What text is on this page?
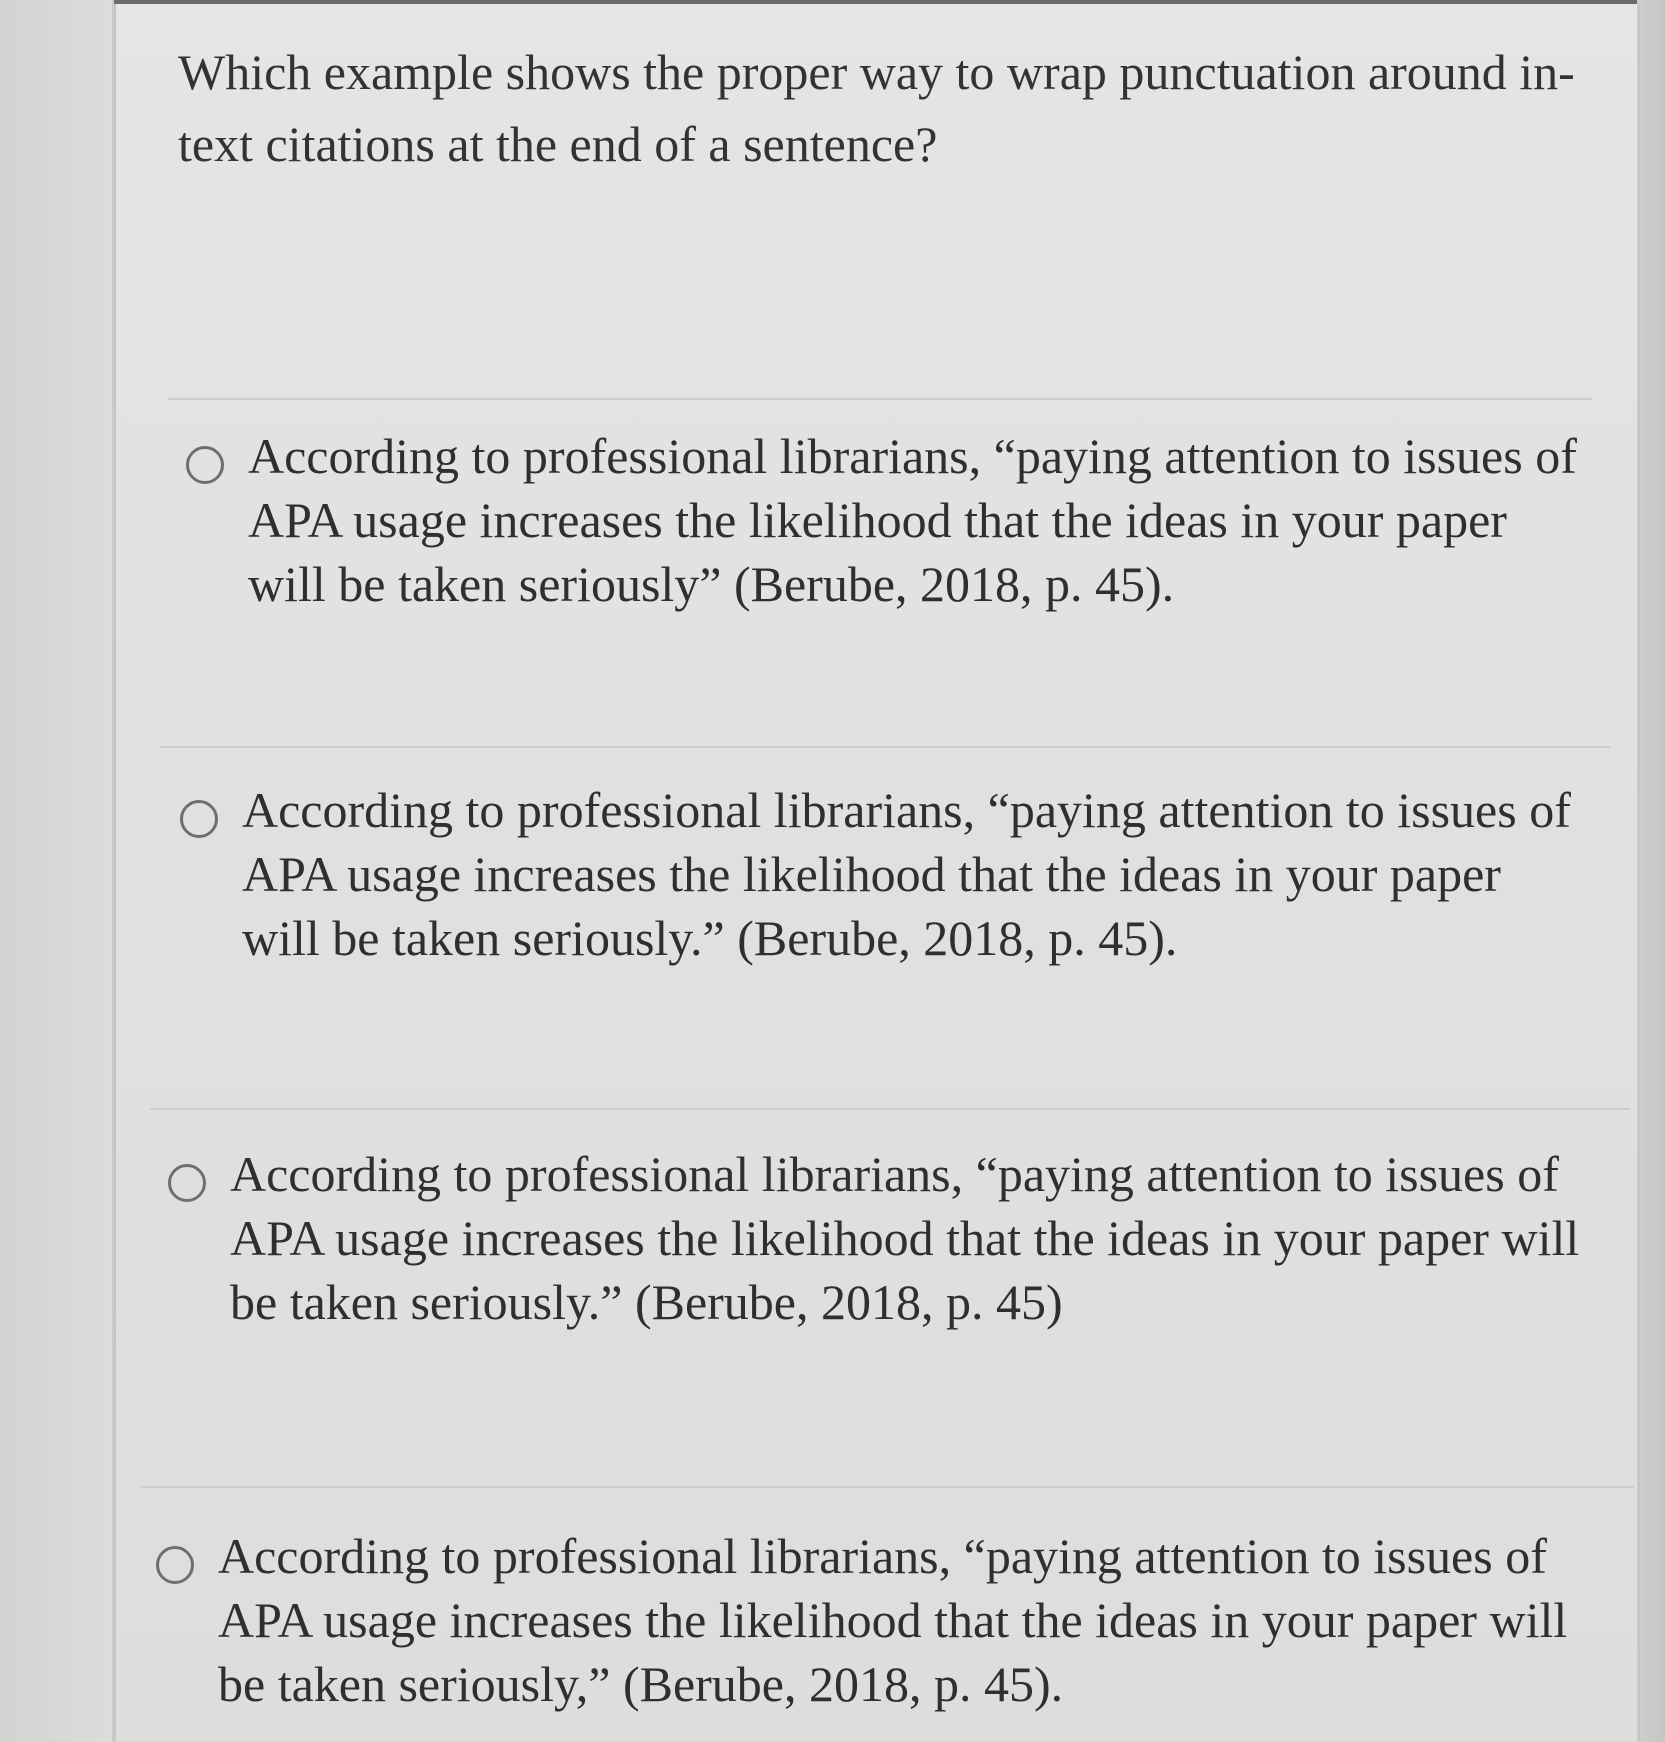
Which example shows the proper way to wrap punctuation around in-text citations at the end of a sentence?

According to professional librarians, “paying attention to issues of APA usage increases the likelihood that the ideas in your paper will be taken seriously” (Berube, 2018, p. 45).
According to professional librarians, “paying attention to issues of APA usage increases the likelihood that the ideas in your paper will be taken seriously.” (Berube, 2018, p. 45).
According to professional librarians, “paying attention to issues of APA usage increases the likelihood that the ideas in your paper will be taken seriously.” (Berube, 2018, p. 45)
According to professional librarians, “paying attention to issues of APA usage increases the likelihood that the ideas in your paper will be taken seriously,” (Berube, 2018, p. 45).
